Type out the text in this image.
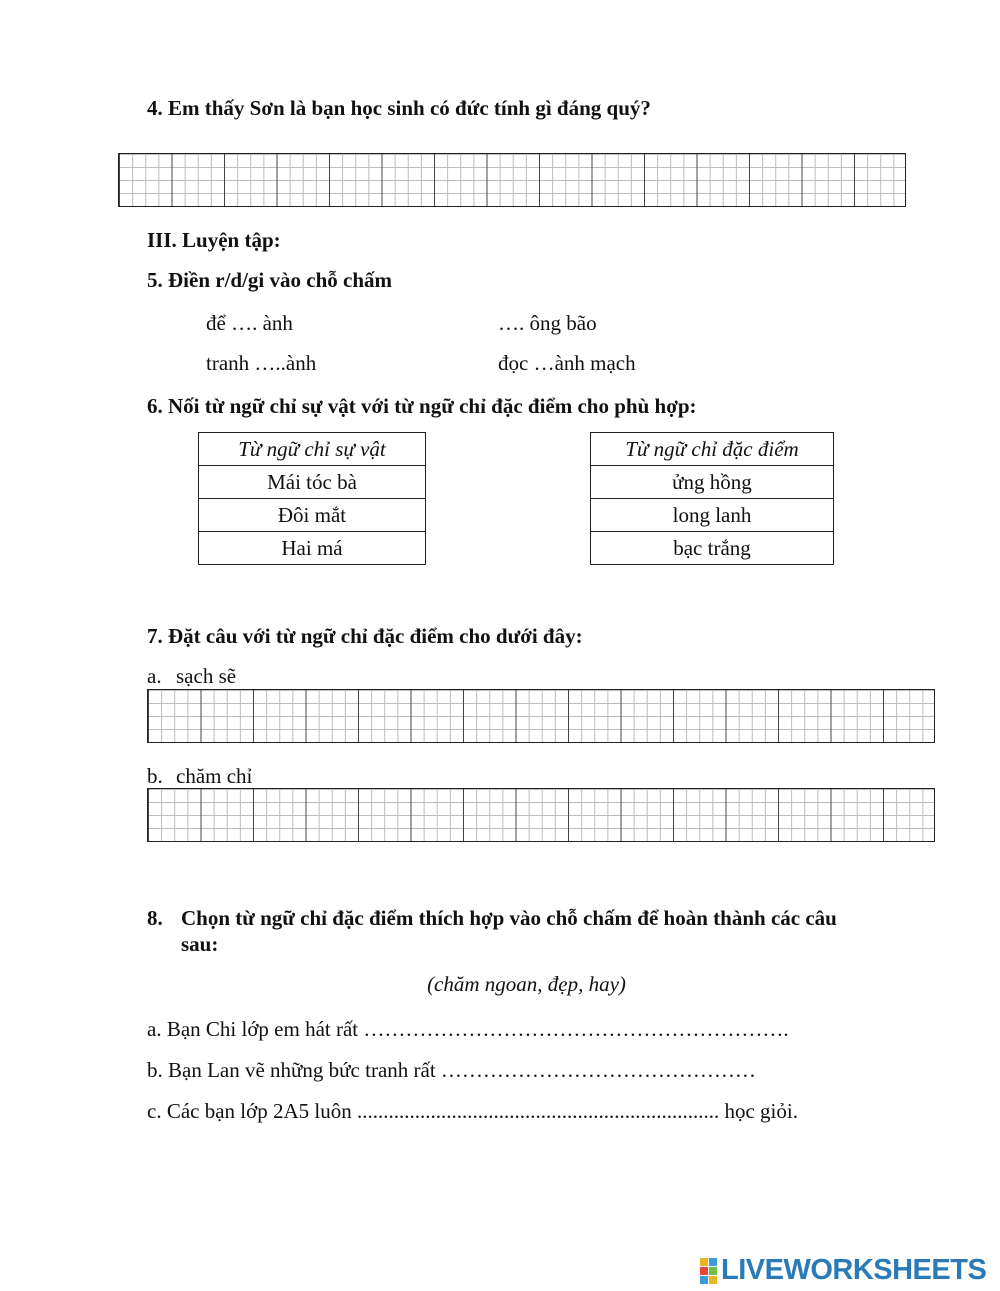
4. Em thấy Sơn là bạn học sinh có đức tính gì đáng quý?
III. Luyện tập:
5. Điền r/d/gi vào chỗ chấm
để …. ành	…. ông bão
tranh …..ành	đọc …ành mạch
6. Nối từ ngữ chỉ sự vật với từ ngữ chỉ đặc điểm cho phù hợp:
Từ ngữ chỉ sự vật
Mái tóc bà
Đôi mắt
Hai má
Từ ngữ chỉ đặc điểm
ửng hồng
long lanh
bạc trắng
7. Đặt câu với từ ngữ chỉ đặc điểm cho dưới đây:
a. sạch sẽ
b. chăm chỉ
8. Chọn từ ngữ chỉ đặc điểm thích hợp vào chỗ chấm để hoàn thành các câu
sau:
(chăm ngoan, đẹp, hay)
a. Bạn Chi lớp em hát rất …………………………………………………….
b. Bạn Lan vẽ những bức tranh rất ………………………………………
c. Các bạn lớp 2A5 luôn ..................................................................... học giỏi.
LIVEWORKSHEETS
